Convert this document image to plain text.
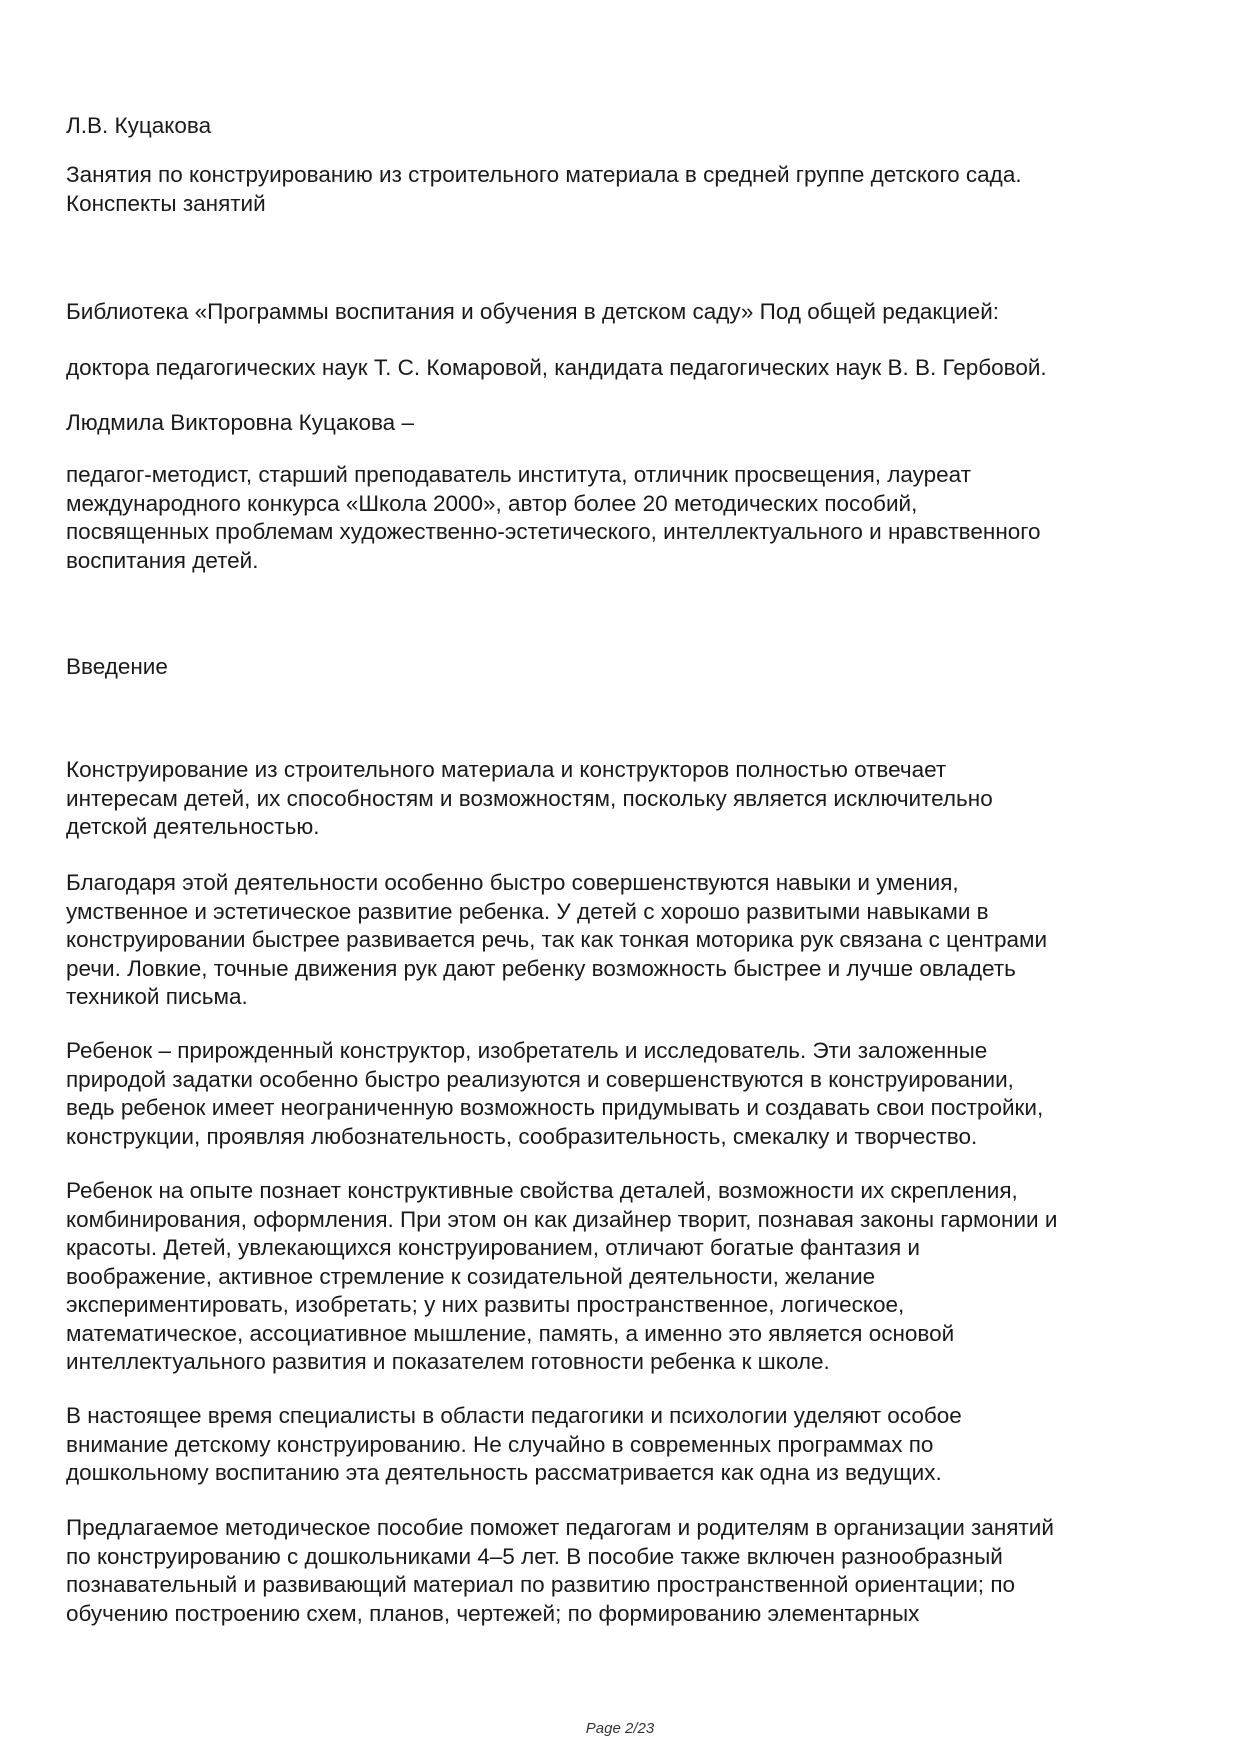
Л.В. Куцакова

Занятия по конструированию из строительного материала в средней группе детского сада.
Конспекты занятий

Библиотека «Программы воспитания и обучения в детском саду» Под общей редакцией:

доктора педагогических наук Т. С. Комаровой, кандидата педагогических наук В. В. Гербовой.

Людмила Викторовна Куцакова –

педагог-методист, старший преподаватель института, отличник просвещения, лауреат
международного конкурса «Школа 2000», автор более 20 методических пособий,
посвященных проблемам художественно-эстетического, интеллектуального и нравственного
воспитания детей.

Введение

Конструирование из строительного материала и конструкторов полностью отвечает
интересам детей, их способностям и возможностям, поскольку является исключительно
детской деятельностью.

Благодаря этой деятельности особенно быстро совершенствуются навыки и умения,
умственное и эстетическое развитие ребенка. У детей с хорошо развитыми навыками в
конструировании быстрее развивается речь, так как тонкая моторика рук связана с центрами
речи. Ловкие, точные движения рук дают ребенку возможность быстрее и лучше овладеть
техникой письма.

Ребенок – прирожденный конструктор, изобретатель и исследователь. Эти заложенные
природой задатки особенно быстро реализуются и совершенствуются в конструировании,
ведь ребенок имеет неограниченную возможность придумывать и создавать свои постройки,
конструкции, проявляя любознательность, сообразительность, смекалку и творчество.

Ребенок на опыте познает конструктивные свойства деталей, возможности их скрепления,
комбинирования, оформления. При этом он как дизайнер творит, познавая законы гармонии и
красоты. Детей, увлекающихся конструированием, отличают богатые фантазия и
воображение, активное стремление к созидательной деятельности, желание
экспериментировать, изобретать; у них развиты пространственное, логическое,
математическое, ассоциативное мышление, память, а именно это является основой
интеллектуального развития и показателем готовности ребенка к школе.

В настоящее время специалисты в области педагогики и психологии уделяют особое
внимание детскому конструированию. Не случайно в современных программах по
дошкольному воспитанию эта деятельность рассматривается как одна из ведущих.

Предлагаемое методическое пособие поможет педагогам и родителям в организации занятий
по конструированию с дошкольниками 4–5 лет. В пособие также включен разнообразный
познавательный и развивающий материал по развитию пространственной ориентации; по
обучению построению схем, планов, чертежей; по формированию элементарных

Page 2/23
